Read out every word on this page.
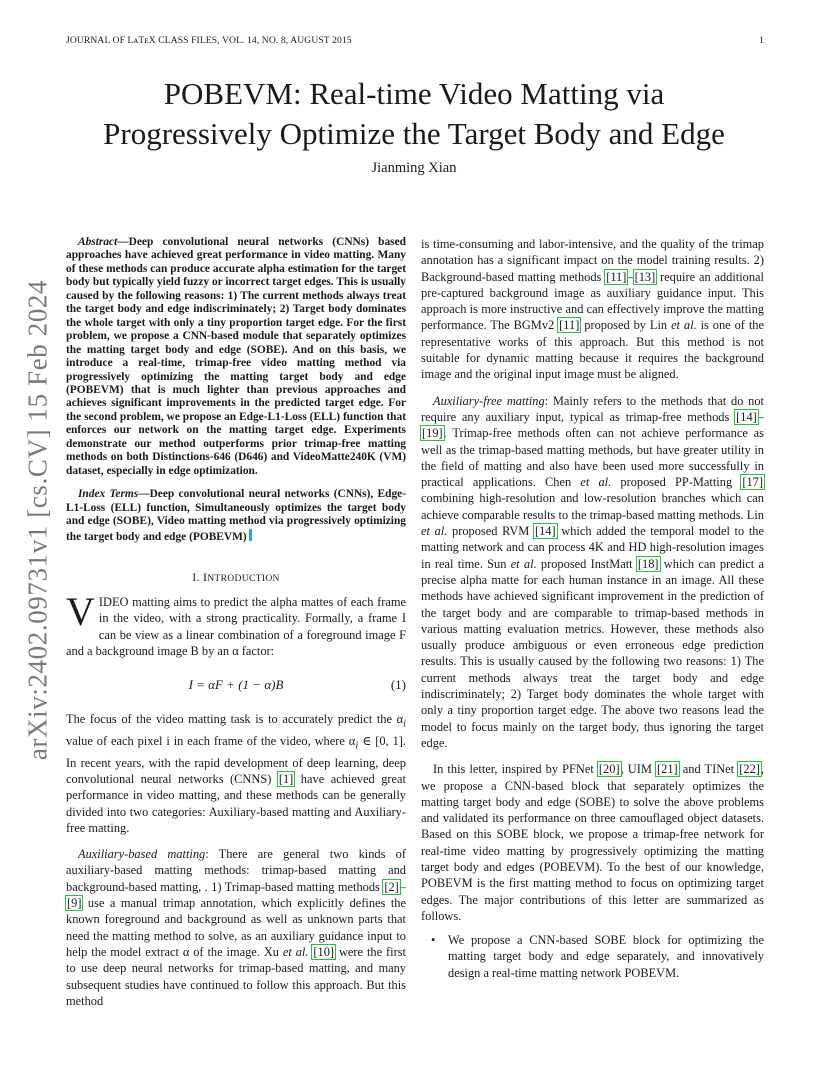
JOURNAL OF LᴀTᴇX CLASS FILES, VOL. 14, NO. 8, AUGUST 2015	1
POBEVM: Real-time Video Matting via
Progressively Optimize the Target Body and Edge
Jianming Xian
arXiv:2402.09731v1 [cs.CV] 15 Feb 2024

Abstract—Deep convolutional neural networks (CNNs) based approaches have achieved great performance in video matting. Many of these methods can produce accurate alpha estimation for the target body but typically yield fuzzy or incorrect target edges. This is usually caused by the following reasons: 1) The current methods always treat the target body and edge indiscriminately; 2) Target body dominates the whole target with only a tiny proportion target edge. For the first problem, we propose a CNN-based module that separately optimizes the matting target body and edge (SOBE). And on this basis, we introduce a real-time, trimap-free video matting method via progressively optimizing the matting target body and edge (POBEVM) that is much lighter than previous approaches and achieves significant improvements in the predicted target edge. For the second problem, we propose an Edge-L1-Loss (ELL) function that enforces our network on the matting target edge. Experiments demonstrate our method outperforms prior trimap-free matting methods on both Distinctions-646 (D646) and VideoMatte240K (VM) dataset, especially in edge optimization.

Index Terms—Deep convolutional neural networks (CNNs), Edge-L1-Loss (ELL) function, Simultaneously optimizes the target body and edge (SOBE), Video matting method via progressively optimizing the target body and edge (POBEVM)

I. INTRODUCTION

VIDEO matting aims to predict the alpha mattes of each frame in the video, with a strong practicality. Formally, a frame I can be view as a linear combination of a foreground image F and a background image B by an α factor:

I = αF + (1 − α)B	(1)

The focus of the video matting task is to accurately predict the $\alpha_i$ value of each pixel i in each frame of the video, where $\alpha_i$ ∈ [0, 1]. In recent years, with the rapid development of deep learning, deep convolutional neural networks (CNNS) [1] have achieved great performance in video matting, and these methods can be generally divided into two categories: Auxiliary-based matting and Auxiliary-free matting.

Auxiliary-based matting: There are general two kinds of auxiliary-based matting methods: trimap-based matting and background-based matting, . 1) Trimap-based matting methods [2]–[9] use a manual trimap annotation, which explicitly defines the known foreground and background as well as unknown parts that need the matting method to solve, as an auxiliary guidance input to help the model extract α of the image. Xu et al. [10] were the first to use deep neural networks for trimap-based matting, and many subsequent studies have continued to follow this approach. But this method

is time-consuming and labor-intensive, and the quality of the trimap annotation has a significant impact on the model training results. 2) Background-based matting methods [11]–[13] require an additional pre-captured background image as auxiliary guidance input. This approach is more instructive and can effectively improve the matting performance. The BGMv2 [11] proposed by Lin et al. is one of the representative works of this approach. But this method is not suitable for dynamic matting because it requires the background image and the original input image must be aligned.

Auxiliary-free matting: Mainly refers to the methods that do not require any auxiliary input, typical as trimap-free methods [14]–[19]. Trimap-free methods often can not achieve performance as well as the trimap-based matting methods, but have greater utility in the field of matting and also have been used more successfully in practical applications. Chen et al. proposed PP-Matting [17] combining high-resolution and low-resolution branches which can achieve comparable results to the trimap-based matting methods. Lin et al. proposed RVM [14] which added the temporal model to the matting network and can process 4K and HD high-resolution images in real time. Sun et al. proposed InstMatt [18] which can predict a precise alpha matte for each human instance in an image. All these methods have achieved significant improvement in the prediction of the target body and are comparable to trimap-based methods in various matting evaluation metrics. However, these methods also usually produce ambiguous or even erroneous edge prediction results. This is usually caused by the following two reasons: 1) The current methods always treat the target body and edge indiscriminately; 2) Target body dominates the whole target with only a tiny proportion target edge. The above two reasons lead the model to focus mainly on the target body, thus ignoring the target edge.

In this letter, inspired by PFNet [20], UIM [21] and TINet [22], we propose a CNN-based block that separately optimizes the matting target body and edge (SOBE) to solve the above problems and validated its performance on three camouflaged object datasets. Based on this SOBE block, we propose a trimap-free network for real-time video matting by progressively optimizing the matting target body and edges (POBEVM). To the best of our knowledge, POBEVM is the first matting method to focus on optimizing target edges. The major contributions of this letter are summarized as follows.

• We propose a CNN-based SOBE block for optimizing the matting target body and edge separately, and innovatively design a real-time matting network POBEVM.
